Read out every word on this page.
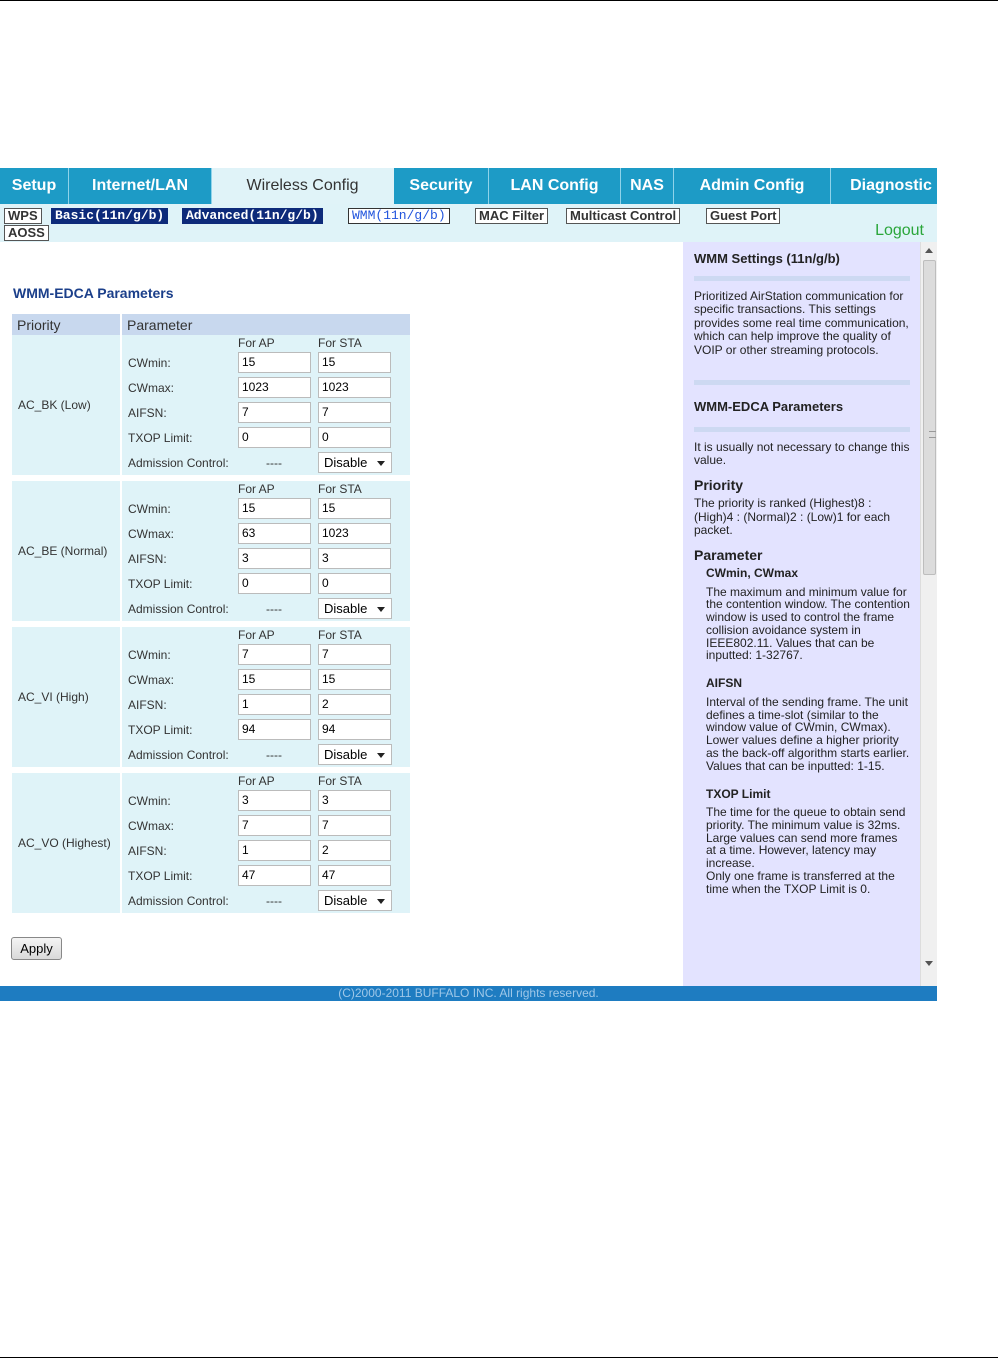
Setup	Internet/LAN	Wireless Config	Security	LAN Config	NAS	Admin Config	Diagnostic
WPS	Basic(11n/g/b)	Advanced(11n/g/b)	WMM(11n/g/b)	MAC Filter	Multicast Control	Guest Port
AOSS	Logout
WMM-EDCA Parameters
Priority	Parameter
AC_BK (Low)	
	For AP	For STA
CWmin:	15	15

CWmax:	1023	1023

AIFSN:	7	7

TXOP Limit:	0	0

Admission Control:	----	Disable

AC_BE (Normal)	
	For AP	For STA
CWmin:	15	15

CWmax:	63	1023

AIFSN:	3	3

TXOP Limit:	0	0

Admission Control:	----	Disable

AC_VI (High)	
	For AP	For STA
CWmin:	7	7

CWmax:	15	15

AIFSN:	1	2

TXOP Limit:	94	94

Admission Control:	----	Disable

AC_VO (Highest)	
	For AP	For STA
CWmin:	3	3

CWmax:	7	7

AIFSN:	1	2

TXOP Limit:	47	47

Admission Control:	----	Disable
Apply
WMM Settings (11n/g/b)
Prioritized AirStation communication for specific transactions. This settings provides some real time communication, which can help improve the quality of VOIP or other streaming protocols.
WMM-EDCA Parameters
It is usually not necessary to change this value.
Priority
The priority is ranked (Highest)8 : (High)4 : (Normal)2 : (Low)1 for each packet.
Parameter
CWmin, CWmax
The maximum and minimum value for the contention window. The contention window is used to control the frame collision avoidance system in IEEE802.11. Values that can be inputted: 1-32767.
AIFSN
Interval of the sending frame. The unit defines a time-slot (similar to the window value of CWmin, CWmax). Lower values define a higher priority as the back-off algorithm starts earlier. Values that can be inputted: 1-15.
TXOP Limit
The time for the queue to obtain send priority. The minimum value is 32ms. Large values can send more frames at a time. However, latency may increase.
Only one frame is transferred at the time when the TXOP Limit is 0.
(C)2000-2011 BUFFALO INC. All rights reserved.
